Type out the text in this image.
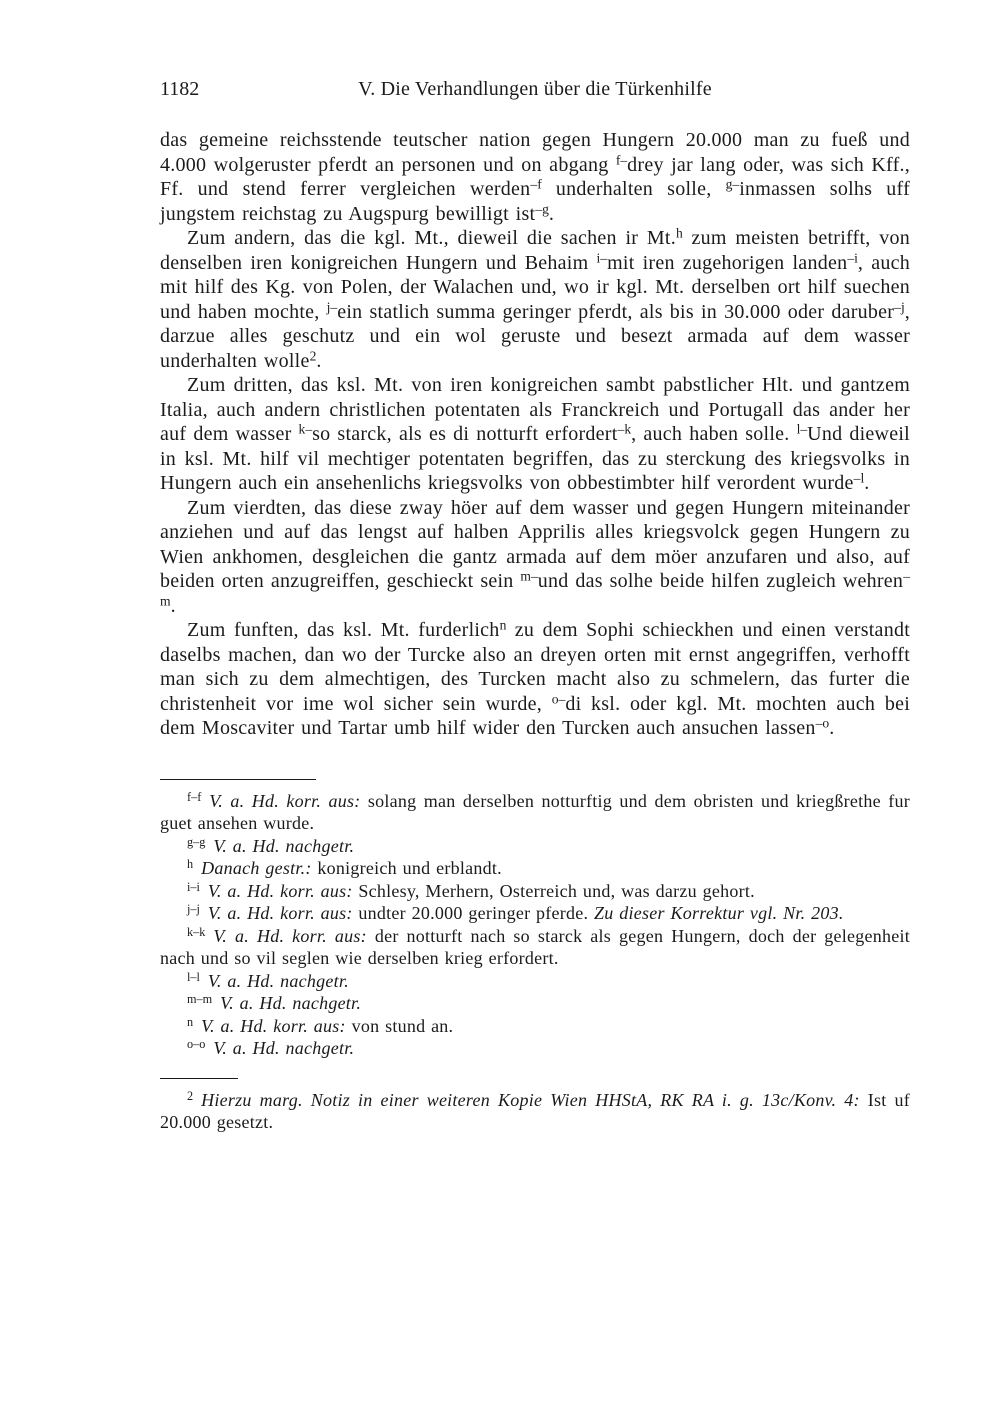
1182	V. Die Verhandlungen über die Türkenhilfe

das gemeine reichsstende teutscher nation gegen Hungern 20.000 man zu fueß und 4.000 wolgeruster pferdt an personen und on abgang $^{f-}$drey jar lang oder, was sich Kff., Ff. und stend ferrer vergleichen werden$^{-f}$ underhalten solle, $^{g-}$inmassen solhs uff jungstem reichstag zu Augspurg bewilligt ist$^{-g}$.

Zum andern, das die kgl. Mt., dieweil die sachen ir Mt.$^h$ zum meisten betrifft, von denselben iren konigreichen Hungern und Behaim $^{i-}$mit iren zugehorigen landen$^{-i}$, auch mit hilf des Kg. von Polen, der Walachen und, wo ir kgl. Mt. derselben ort hilf suechen und haben mochte, $^{j-}$ein statlich summa geringer pferdt, als bis in 30.000 oder daruber$^{-j}$, darzue alles geschutz und ein wol geruste und besezt armada auf dem wasser underhalten wolle$^2$.

Zum dritten, das ksl. Mt. von iren konigreichen sambt pabstlicher Hlt. und gantzem Italia, auch andern christlichen potentaten als Franckreich und Portugall das ander her auf dem wasser $^{k-}$so starck, als es di notturft erfordert$^{-k}$, auch haben solle. $^{l-}$Und dieweil in ksl. Mt. hilf vil mechtiger potentaten begriffen, das zu sterckung des kriegsvolks in Hungern auch ein ansehenlichs kriegsvolks von obbestimbter hilf verordent wurde$^{-l}$.

Zum vierdten, das diese zway höer auf dem wasser und gegen Hungern miteinander anziehen und auf das lengst auf halben Apprilis alles kriegsvolck gegen Hungern zu Wien ankhomen, desgleichen die gantz armada auf dem möer anzufaren und also, auf beiden orten anzugreiffen, geschieckt sein $^{m-}$und das solhe beide hilfen zugleich wehren$^{-m}$.

Zum funften, das ksl. Mt. furderlich$^n$ zu dem Sophi schieckhen und einen verstandt daselbs machen, dan wo der Turcke also an dreyen orten mit ernst angegriffen, verhofft man sich zu dem almechtigen, des Turcken macht also zu schmelern, das furter die christenheit vor ime wol sicher sein wurde, $^{o-}$di ksl. oder kgl. Mt. mochten auch bei dem Moscaviter und Tartar umb hilf wider den Turcken auch ansuchen lassen$^{-o}$.

$^{f-f}$ V. a. Hd. korr. aus: solang man derselben notturftig und dem obristen und kriegßrethe fur guet ansehen wurde.

$^{g-g}$ V. a. Hd. nachgetr.

$^h$ Danach gestr.: konigreich und erblandt.

$^{i-i}$ V. a. Hd. korr. aus: Schlesy, Merhern, Osterreich und, was darzu gehort.

$^{j-j}$ V. a. Hd. korr. aus: undter 20.000 geringer pferde. Zu dieser Korrektur vgl. Nr. 203.

$^{k-k}$ V. a. Hd. korr. aus: der notturft nach so starck als gegen Hungern, doch der gelegenheit nach und so vil seglen wie derselben krieg erfordert.

$^{l-l}$ V. a. Hd. nachgetr.

$^{m-m}$ V. a. Hd. nachgetr.

$^n$ V. a. Hd. korr. aus: von stund an.

$^{o-o}$ V. a. Hd. nachgetr.

$^2$ Hierzu marg. Notiz in einer weiteren Kopie Wien HHStA, RK RA i. g. 13c/Konv. 4: Ist uf 20.000 gesetzt.
